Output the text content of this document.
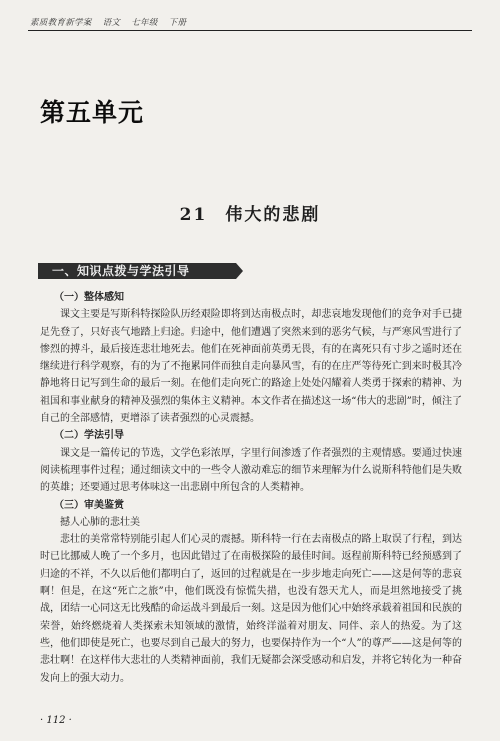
素质教育新学案 语文 七年级 下册
第五单元
21 伟大的悲剧
一、知识点拨与学法引导
（一）整体感知

课文主要是写斯科特探险队历经艰险即将到达南极点时，却悲哀地发现他们的竞争对手已捷足先登了，只好丧气地踏上归途。归途中，他们遭遇了突然来到的恶劣气候，与严寒风雪进行了惨烈的搏斗，最后接连悲壮地死去。他们在死神面前英勇无畏，有的在离死只有寸步之遥时还在继续进行科学观察，有的为了不拖累同伴而独自走向暴风雪，有的在庄严等待死亡到来时极其冷静地将日记写到生命的最后一刻。在他们走向死亡的路途上处处闪耀着人类勇于探索的精神、为祖国和事业献身的精神及强烈的集体主义精神。本文作者在描述这一场“伟大的悲剧”时，倾注了自己的全部感情，更增添了读者强烈的心灵震撼。

（二）学法引导

课文是一篇传记的节选，文学色彩浓厚，字里行间渗透了作者强烈的主观情感。要通过快速阅读梳理事件过程；通过细读文中的一些令人激动难忘的细节来理解为什么说斯科特他们是失败的英雄；还要通过思考体味这一出悲剧中所包含的人类精神。

（三）审美鉴赏

撼人心肺的悲壮美

悲壮的美常常特别能引起人们心灵的震撼。斯科特一行在去南极点的路上取误了行程，到达时已比挪威人晚了一个多月，也因此错过了在南极探险的最佳时间。返程前斯科特已经预感到了归途的不祥，不久以后他们都明白了，返回的过程就是在一步步地走向死亡——这是何等的悲哀啊！但是，在这“死亡之旅”中，他们既没有惊慌失措，也没有怨天尤人，而是坦然地接受了挑战，团结一心同这无比残酷的命运战斗到最后一刻。这是因为他们心中始终承载着祖国和民族的荣誉，始终燃烧着人类探索未知领域的激情，始终洋溢着对朋友、同伴、亲人的热爱。为了这些，他们即使是死亡，也要尽到自己最大的努力，也要保持作为一个“人”的尊严——这是何等的悲壮啊！在这样伟大悲壮的人类精神面前，我们无疑都会深受感动和启发，并将它转化为一种奋发向上的强大动力。

· 112 ·
